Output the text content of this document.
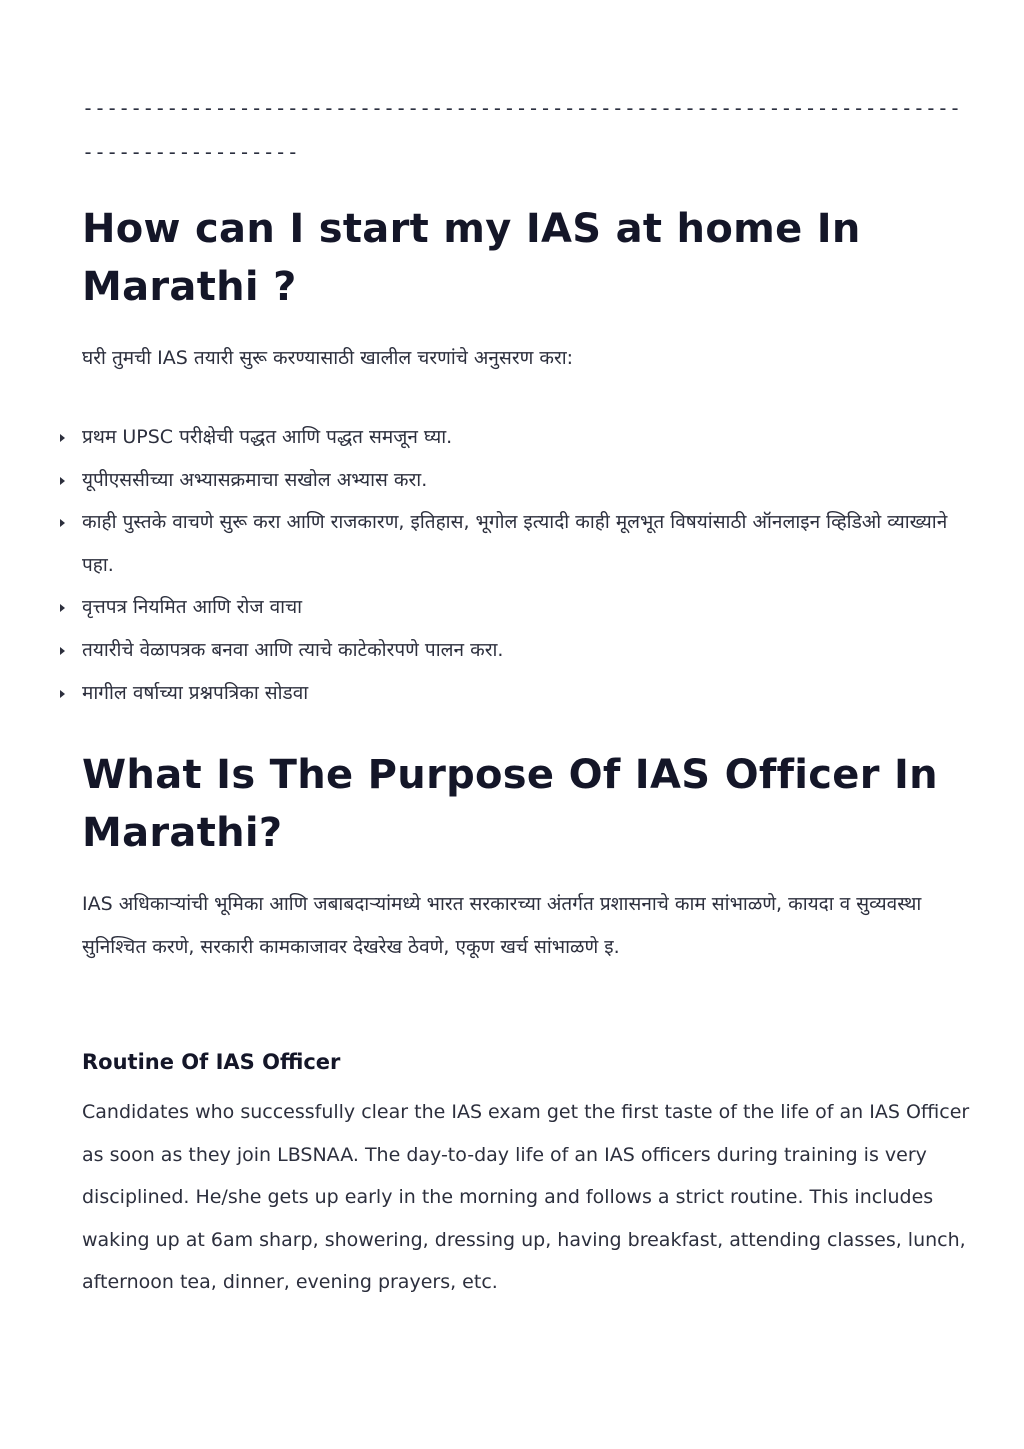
-------------------------------------------------------------------------------------------
How can I start my IAS at home In Marathi ?

घरी तुमची IAS तयारी सुरू करण्यासाठी खालील चरणांचे अनुसरण करा:

प्रथम UPSC परीक्षेची पद्धत आणि पद्धत समजून घ्या.
यूपीएससीच्या अभ्यासक्रमाचा सखोल अभ्यास करा.
काही पुस्तके वाचणे सुरू करा आणि राजकारण, इतिहास, भूगोल इत्यादी काही मूलभूत विषयांसाठी ऑनलाइन व्हिडिओ व्याख्याने पहा.
वृत्तपत्र नियमित आणि रोज वाचा
तयारीचे वेळापत्रक बनवा आणि त्याचे काटेकोरपणे पालन करा.
मागील वर्षाच्या प्रश्नपत्रिका सोडवा
What Is The Purpose Of IAS Officer In Marathi?

IAS अधिकाऱ्यांची भूमिका आणि जबाबदाऱ्यांमध्ये भारत सरकारच्या अंतर्गत प्रशासनाचे काम सांभाळणे, कायदा व सुव्यवस्था सुनिश्चित करणे, सरकारी कामकाजावर देखरेख ठेवणे, एकूण खर्च सांभाळणे इ.

Routine Of IAS Officer

Candidates who successfully clear the IAS exam get the first taste of the life of an IAS Officer as soon as they join LBSNAA. The day-to-day life of an IAS officers during training is very disciplined. He/she gets up early in the morning and follows a strict routine. This includes waking up at 6am sharp, showering, dressing up, having breakfast, attending classes, lunch, afternoon tea, dinner, evening prayers, etc.
